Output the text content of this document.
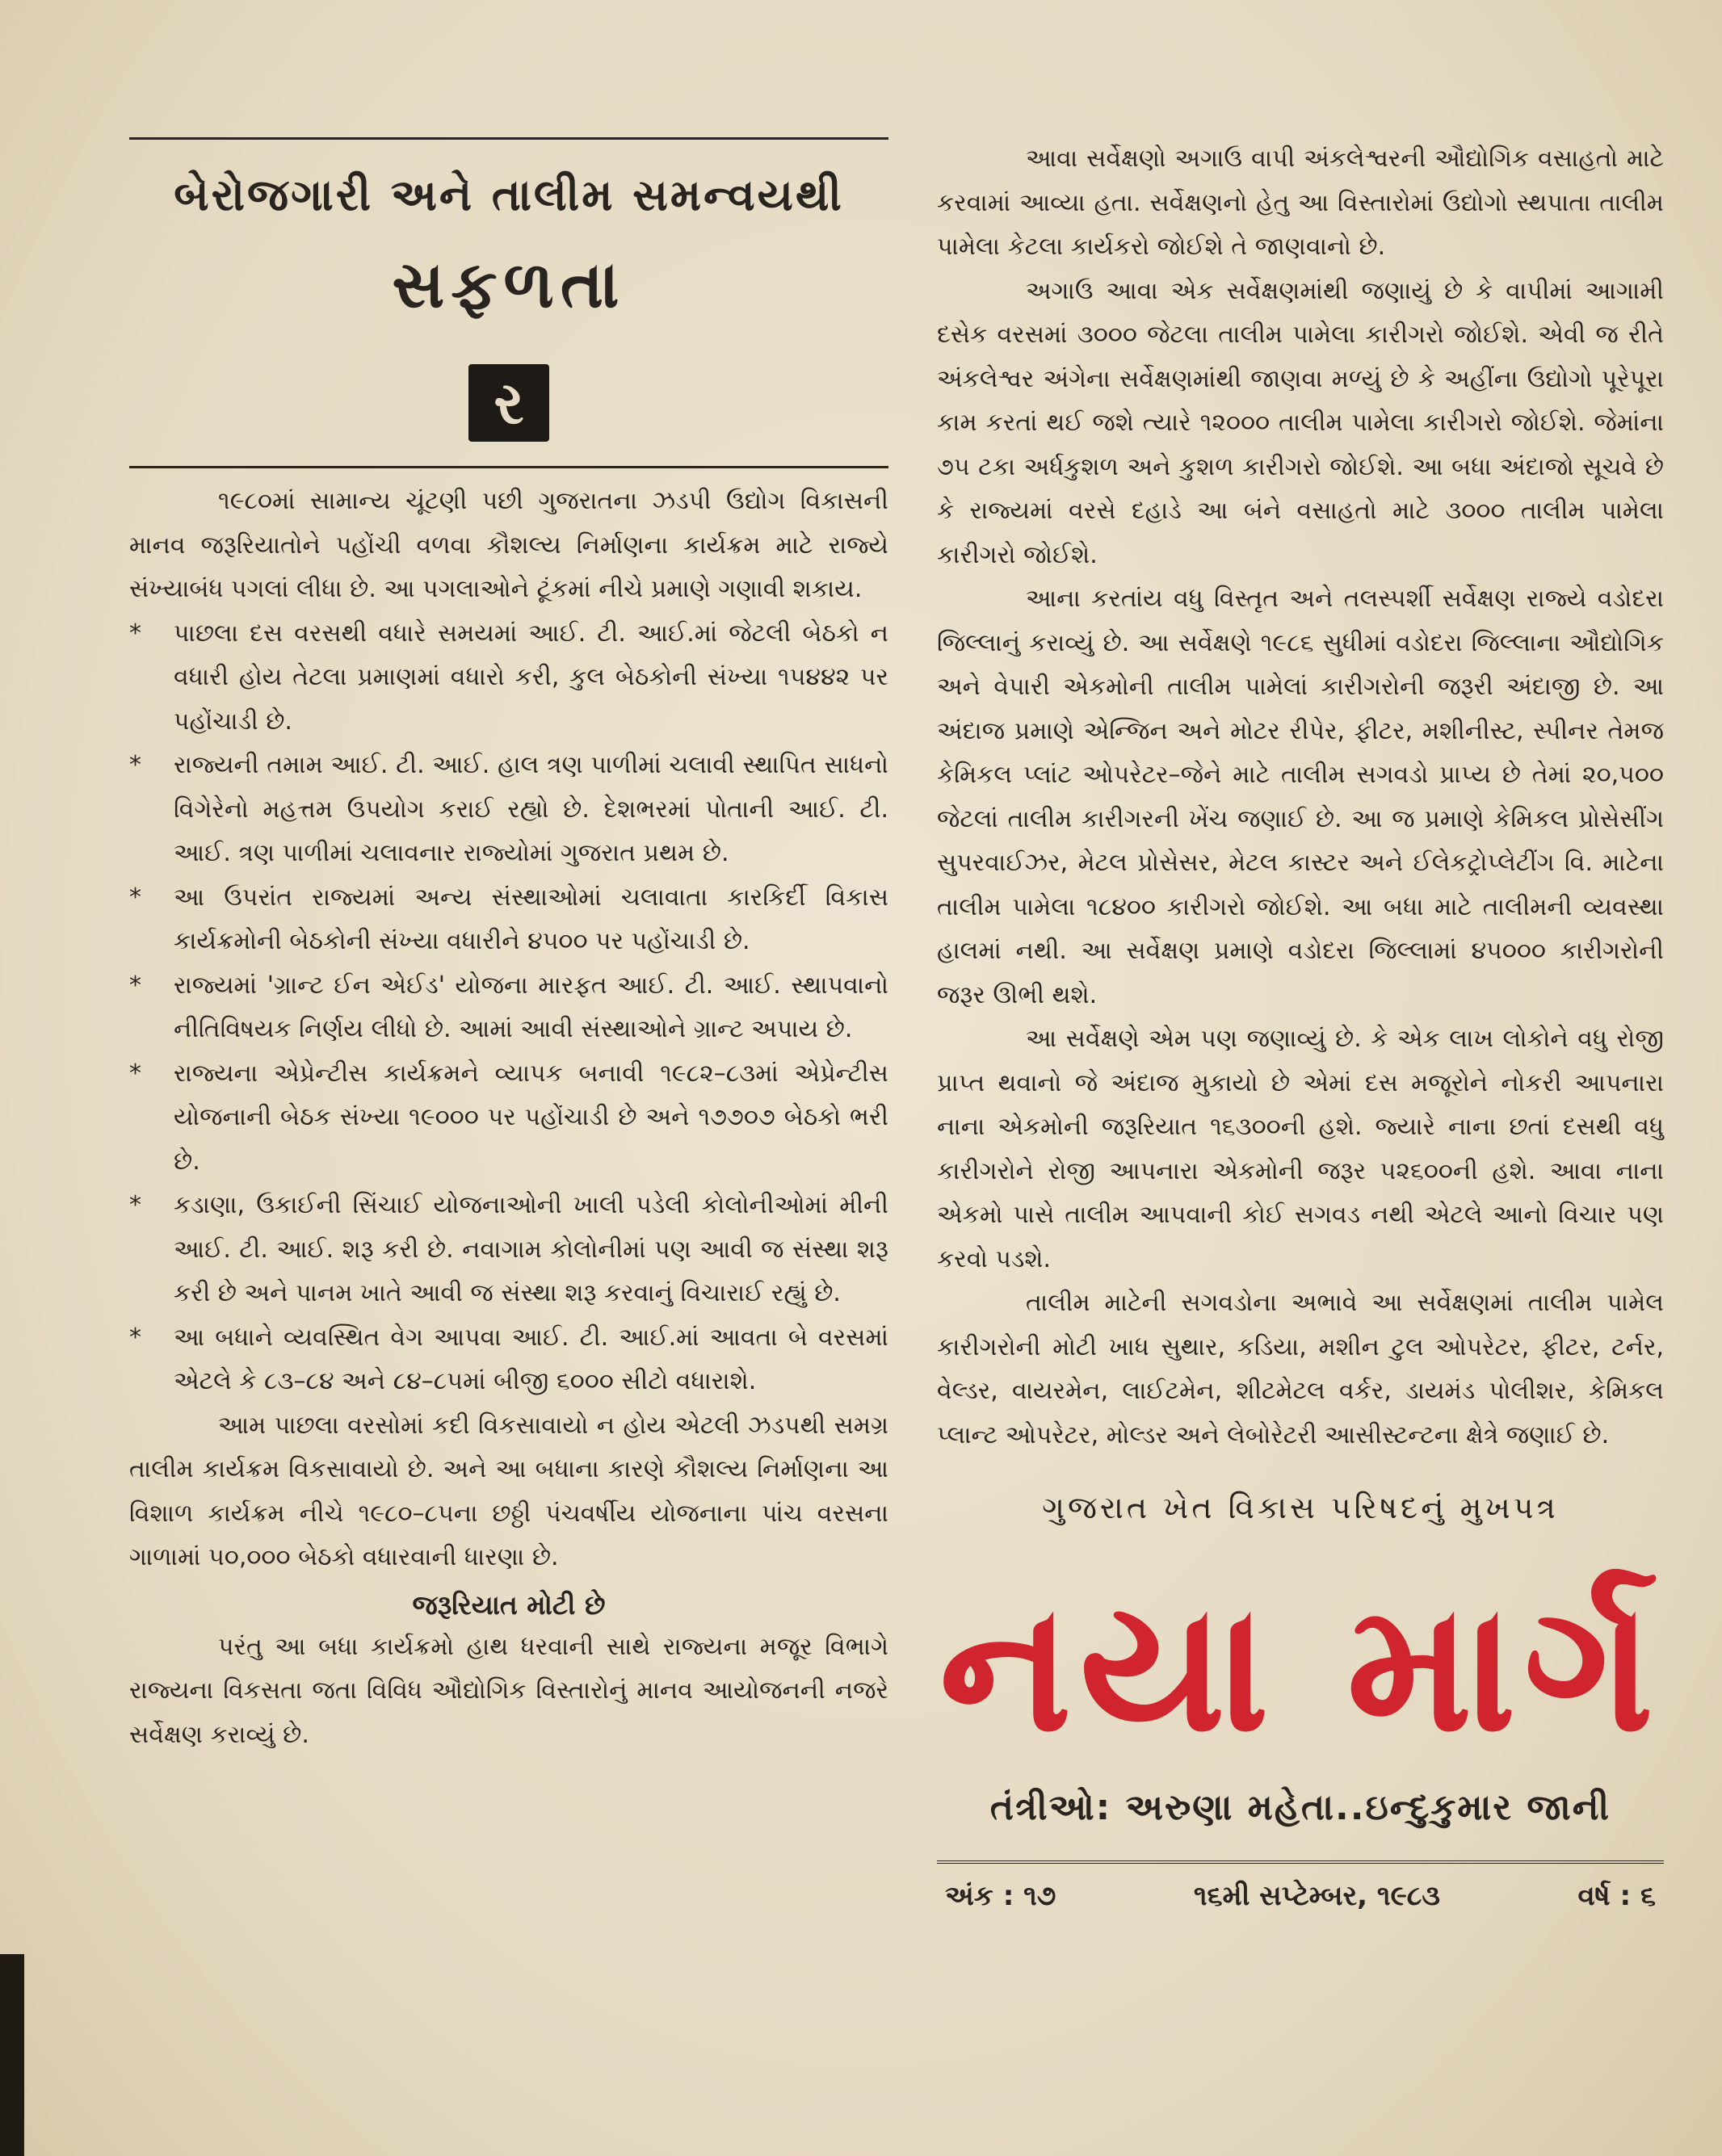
બેરોજગારી અને તાલીમ સમન્વયથી
સફળતા
ર

૧૯૮૦માં સામાન્ય ચૂંટણી પછી ગુજરાતના ઝડપી ઉદ્યોગ વિકાસની માનવ જરૂરિયાતોને પહોંચી વળવા કૌશલ્ય નિર્માણના કાર્યક્રમ માટે રાજ્યે સંખ્યાબંધ પગલાં લીધા છે. આ પગલાઓને ટૂંકમાં નીચે પ્રમાણે ગણાવી શકાય.

* પાછલા દસ વરસથી વધારે સમયમાં આઈ. ટી. આઈ.માં જેટલી બેઠકો ન વધારી હોય તેટલા પ્રમાણમાં વધારો કરી, કુલ બેઠકોની સંખ્યા ૧૫૪૪૨ પર પહોંચાડી છે.
* રાજ્યની તમામ આઈ. ટી. આઈ. હાલ ત્રણ પાળીમાં ચલાવી સ્થાપિત સાધનો વિગેરેનો મહત્તમ ઉપયોગ કરાઈ રહ્યો છે. દેશભરમાં પોતાની આઈ. ટી. આઈ. ત્રણ પાળીમાં ચલાવનાર રાજ્યોમાં ગુજરાત પ્રથમ છે.
* આ ઉપરાંત રાજ્યમાં અન્ય સંસ્થાઓમાં ચલાવાતા કારકિર્દી વિકાસ કાર્યક્રમોની બેઠકોની સંખ્યા વધારીને ૪૫૦૦ પર પહોંચાડી છે.
* રાજ્યમાં 'ગ્રાન્ટ ઈન એઈડ' યોજના મારફત આઈ. ટી. આઈ. સ્થાપવાનો નીતિવિષયક નિર્ણય લીધો છે. આમાં આવી સંસ્થાઓને ગ્રાન્ટ અપાય છે.
* રાજ્યના એપ્રેન્ટીસ કાર્યક્રમને વ્યાપક બનાવી ૧૯૮૨–૮૩માં એપ્રેન્ટીસ યોજનાની બેઠક સંખ્યા ૧૯૦૦૦ પર પહોંચાડી છે અને ૧૭૭૦૭ બેઠકો ભરી છે.
* કડાણા, ઉકાઈની સિંચાઈ યોજનાઓની ખાલી પડેલી કોલોનીઓમાં મીની આઈ. ટી. આઈ. શરૂ કરી છે. નવાગામ કોલોનીમાં પણ આવી જ સંસ્થા શરૂ કરી છે અને પાનમ ખાતે આવી જ સંસ્થા શરૂ કરવાનું વિચારાઈ રહ્યું છે.
* આ બધાને વ્યવસ્થિત વેગ આપવા આઈ. ટી. આઈ.માં આવતા બે વરસમાં એટલે કે ૮૩–૮૪ અને ૮૪–૮૫માં બીજી ૬૦૦૦ સીટો વધારાશે.

આમ પાછલા વરસોમાં કદી વિકસાવાયો ન હોય એટલી ઝડપથી સમગ્ર તાલીમ કાર્યક્રમ વિકસાવાયો છે. અને આ બધાના કારણે કૌશલ્ય નિર્માણના આ વિશાળ કાર્યક્રમ નીચે ૧૯૮૦–૮૫ના છઠ્ઠી પંચવર્ષીય યોજનાના પાંચ વરસના ગાળામાં ૫૦,૦૦૦ બેઠકો વધારવાની ધારણા છે.

જરૂરિયાત મોટી છે

પરંતુ આ બધા કાર્યક્રમો હાથ ધરવાની સાથે રાજ્યના મજૂર વિભાગે રાજ્યના વિકસતા જતા વિવિધ ઔદ્યોગિક વિસ્તારોનું માનવ આયોજનની નજરે સર્વેક્ષણ કરાવ્યું છે.

આવા સર્વેક્ષણો અગાઉ વાપી અંકલેશ્વરની ઔદ્યોગિક વસાહતો માટે કરવામાં આવ્યા હતા. સર્વેક્ષણનો હેતુ આ વિસ્તારોમાં ઉદ્યોગો સ્થપાતા તાલીમ પામેલા કેટલા કાર્યકરો જોઈશે તે જાણવાનો છે.

અગાઉ આવા એક સર્વેક્ષણમાંથી જણાયું છે કે વાપીમાં આગામી દસેક વરસમાં ૩૦૦૦ જેટલા તાલીમ પામેલા કારીગરો જોઈશે. એવી જ રીતે અંકલેશ્વર અંગેના સર્વેક્ષણમાંથી જાણવા મળ્યું છે કે અહીંના ઉદ્યોગો પૂરેપૂરા કામ કરતાં થઈ જશે ત્યારે ૧૨૦૦૦ તાલીમ પામેલા કારીગરો જોઈશે. જેમાંના ૭૫ ટકા અર્ધકુશળ અને કુશળ કારીગરો જોઈશે. આ બધા અંદાજો સૂચવે છે કે રાજ્યમાં વરસે દહાડે આ બંને વસાહતો માટે ૩૦૦૦ તાલીમ પામેલા કારીગરો જોઈશે.

આના કરતાંય વધુ વિસ્તૃત અને તલસ્પર્શી સર્વેક્ષણ રાજ્યે વડોદરા જિલ્લાનું કરાવ્યું છે. આ સર્વેક્ષણે ૧૯૮૬ સુધીમાં વડોદરા જિલ્લાના ઔદ્યોગિક અને વેપારી એકમોની તાલીમ પામેલાં કારીગરોની જરૂરી અંદાજી છે. આ અંદાજ પ્રમાણે એન્જિન અને મોટર રીપેર, ફીટર, મશીનીસ્ટ, સ્પીનર તેમજ કેમિકલ પ્લાંટ ઓપરેટર–જેને માટે તાલીમ સગવડો પ્રાપ્ય છે તેમાં ૨૦,૫૦૦ જેટલાં તાલીમ કારીગરની ખેંચ જણાઈ છે. આ જ પ્રમાણે કેમિકલ પ્રોસેસીંગ સુપરવાઈઝર, મેટલ પ્રોસેસર, મેટલ કાસ્ટર અને ઈલેકટ્રોપ્લેટીંગ વિ. માટેના તાલીમ પામેલા ૧૮૪૦૦ કારીગરો જોઈશે. આ બધા માટે તાલીમની વ્યવસ્થા હાલમાં નથી. આ સર્વેક્ષણ પ્રમાણે વડોદરા જિલ્લામાં ૪૫૦૦૦ કારીગરોની જરૂર ઊભી થશે.

આ સર્વેક્ષણે એમ પણ જણાવ્યું છે. કે એક લાખ લોકોને વધુ રોજી પ્રાપ્ત થવાનો જે અંદાજ મુકાયો છે એમાં દસ મજૂરોને નોકરી આપનારા નાના એકમોની જરૂરિયાત ૧૬૩૦૦ની હશે. જ્યારે નાના છતાં દસથી વધુ કારીગરોને રોજી આપનારા એકમોની જરૂર ૫૨૬૦૦ની હશે. આવા નાના એકમો પાસે તાલીમ આપવાની કોઈ સગવડ નથી એટલે આનો વિચાર પણ કરવો પડશે.

તાલીમ માટેની સગવડોના અભાવે આ સર્વેક્ષણમાં તાલીમ પામેલ કારીગરોની મોટી ખાધ સુથાર, કડિયા, મશીન ટુલ ઓપરેટર, ફીટર, ટર્નર, વેલ્ડર, વાયરમેન, લાઈટમેન, શીટમેટલ વર્કર, ડાયમંડ પોલીશર, કેમિકલ પ્લાન્ટ ઓપરેટર, મોલ્ડર અને લેબોરેટરી આસીસ્ટન્ટના ક્ષેત્રે જણાઈ છે.

ગુજરાત ખેત વિકાસ પરિષદનું મુખપત્ર
નયા માર્ગ
તંત્રીઓ: અરુણા મહેતા..ઇન્દુકુમાર જાની
અંક : ૧૭	૧૬મી સપ્ટેમ્બર, ૧૯૮૩	વર્ષ : ૬
